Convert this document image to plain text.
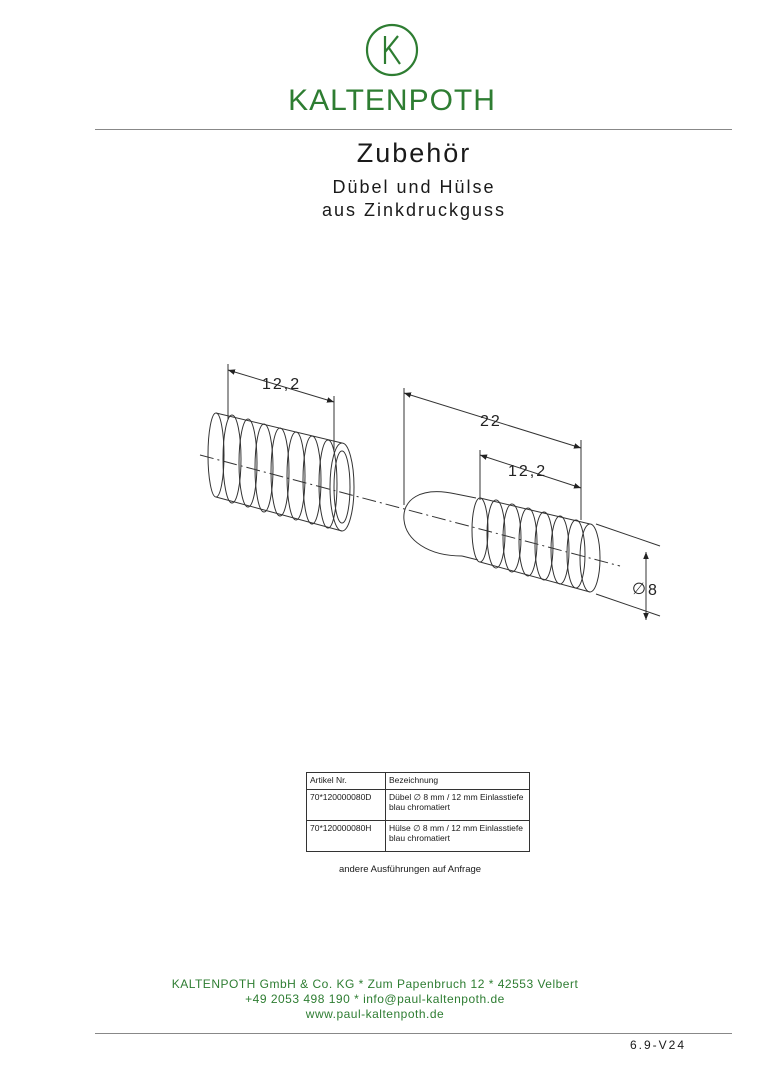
KALTENPOTH
Zubehör
Dübel und Hülse
aus Zinkdruckguss
12,2
22
12,2
∅ 8
Artikel Nr.	Bezeichnung
70*120000080D	Dübel ∅ 8 mm / 12 mm Einlasstiefe
blau chromatiert

70*120000080H	Hülse ∅ 8 mm / 12 mm Einlasstiefe
blau chromatiert
andere Ausführungen auf Anfrage
KALTENPOTH GmbH & Co. KG * Zum Papenbruch 12 * 42553 Velbert
+49 2053 498 190 * info@paul-kaltenpoth.de
www.paul-kaltenpoth.de
6.9-V24
